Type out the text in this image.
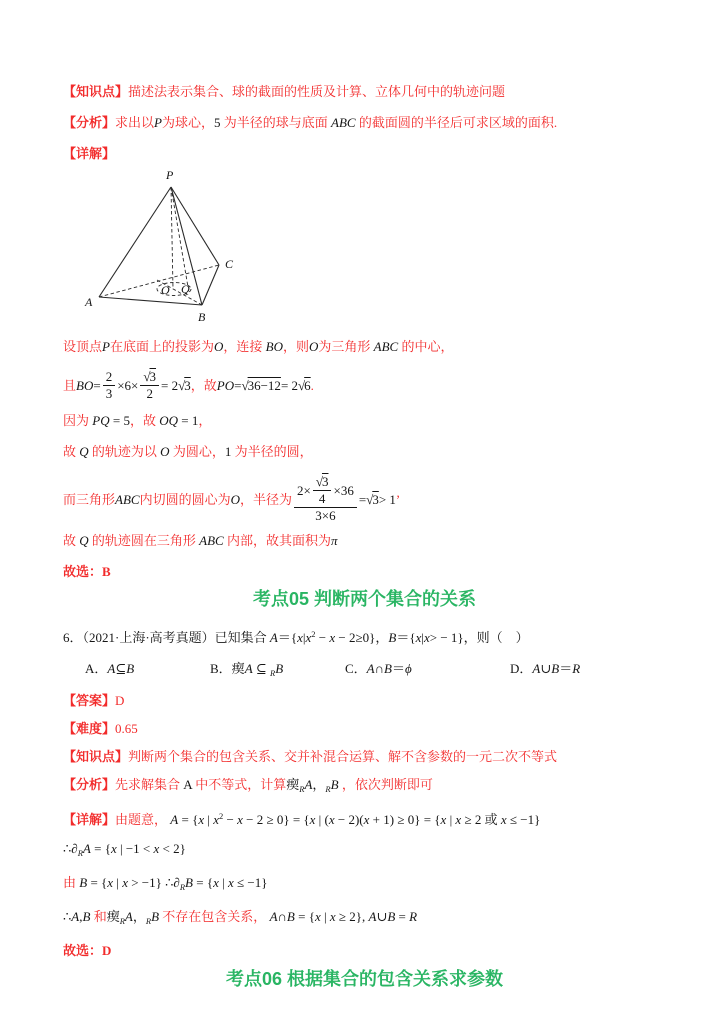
【知识点】描述法表示集合、球的截面的性质及计算、立体几何中的轨迹问题

【分析】求出以P为球心，5 为半径的球与底面 ABC 的截面圆的半径后可求区域的面积.

【详解】

P
A
B
C
O Q

设顶点P在底面上的投影为O，连接 BO，则O为三角形 ABC 的中心，

且 BO = $\frac{2}{3} \times 6\times \frac{√ 3}{2} = 2$ √ 3 ，故 PO = √ 36−12 = 2 √ 6 .

因为 PQ = 5，故 OQ = 1，

故 Q 的轨迹为以 O 为圆心，1 为半径的圆，

而三角形 ABC 内切圆的圆心为 O ，半径为 $\frac{2\times \frac{√ 3}{4} \times 36}{3\times 6}$ = √ 3 > 1 ’

故 Q 的轨迹圆在三角形 ABC 内部，故其面积为π

故选：B

考点05 判断两个集合的关系

6．（2021·上海·高考真题）已知集合 $A=\{x|x^2 - x - 2\ge 0\}$，B＝{x|x> − 1}，则（　）

A．A⊆B	B．瘈A ⊆ $_R$B	C．A∩B＝ϕ	D．A∪B＝R

【答案】D

【难度】0.65

【知识点】判断两个集合的包含关系、交并补混合运算、解不含参数的一元二次不等式

【分析】先求解集合 A 中不等式，计算瘈$_R$A，$_R$B ，依次判断即可

【详解】由题意， A = {x | $x^2 - x - 2 \ge 0\} = \{x$ | (x − 2)(x + 1) ≥ 0} = {x | x ≥ 2 或 x ≤ −1}

$\therefore\partial_RA = \{x$ | −1 < x < 2}

由 B = {x | x > −1} $\therefore\partial_RB = \{x$ | x ≤ −1}

∴A,B 和瘈$_R$A，$_R$B 不存在包含关系， A∩B = {x | x ≥ 2}, A∪B = R

故选：D

考点06 根据集合的包含关系求参数
